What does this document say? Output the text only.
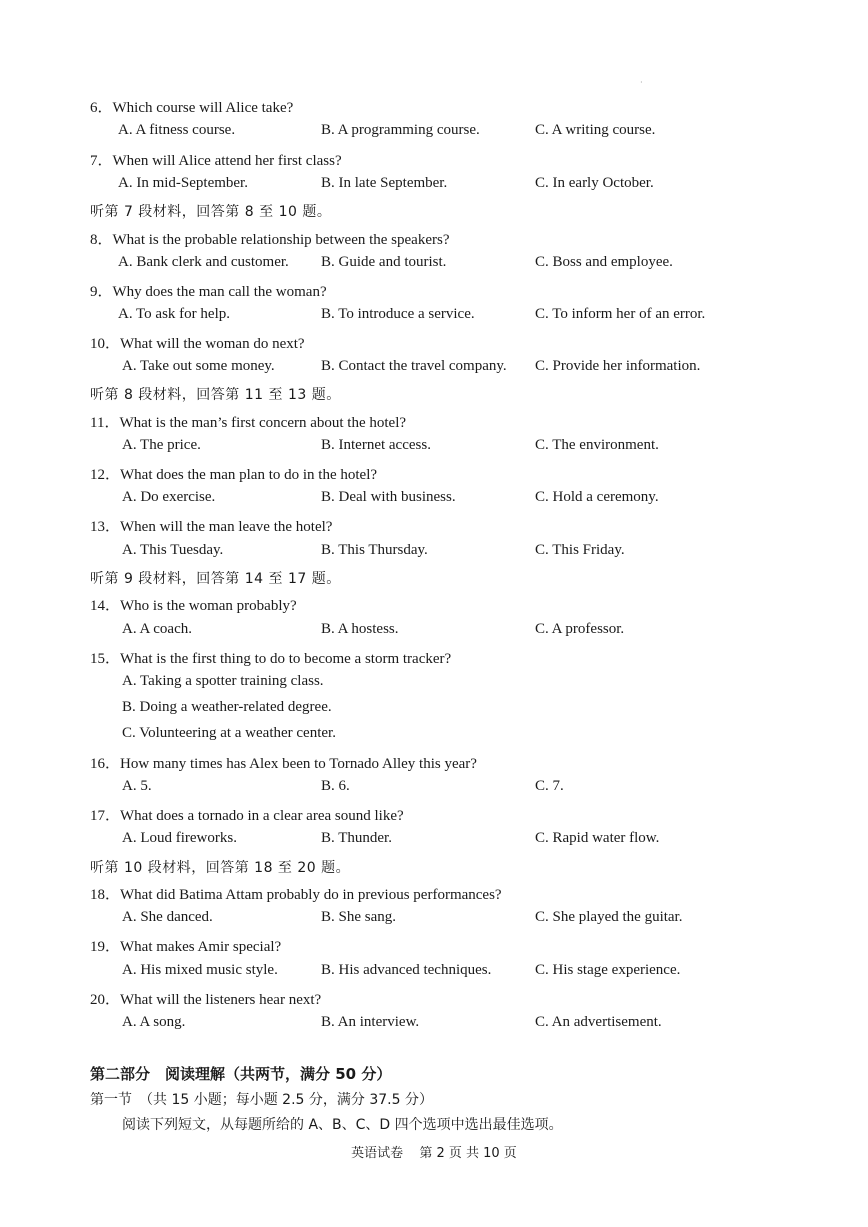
·
6．Which course will Alice take?
A. A fitness course.	B. A programming course.	C. A writing course.
7．When will Alice attend her first class?
A. In mid-September.	B. In late September.	C. In early October.
听第 7 段材料，回答第 8 至 10 题。
8．What is the probable relationship between the speakers?
A. Bank clerk and customer. B. Guide and tourist.	C. Boss and employee.
9．Why does the man call the woman?
A. To ask for help.	B. To introduce a service.	C. To inform her of an error.
10．What will the woman do next?
A. Take out some money.	B. Contact the travel company. C. Provide her information.
听第 8 段材料，回答第 11 至 13 题。
11．What is the man’s first concern about the hotel?
A. The price.	B. Internet access.	C. The environment.
12．What does the man plan to do in the hotel?
A. Do exercise.	B. Deal with business.	C. Hold a ceremony.
13．When will the man leave the hotel?
A. This Tuesday.	B. This Thursday.	C. This Friday.
听第 9 段材料，回答第 14 至 17 题。
14．Who is the woman probably?
A. A coach.	B. A hostess.	C. A professor.
15．What is the first thing to do to become a storm tracker?
A. Taking a spotter training class.
B. Doing a weather-related degree.
C. Volunteering at a weather center.
16．How many times has Alex been to Tornado Alley this year?
A. 5.	B. 6.	C. 7.
17．What does a tornado in a clear area sound like?
A. Loud fireworks.	B. Thunder.	C. Rapid water flow.
听第 10 段材料，回答第 18 至 20 题。
18．What did Batima Attam probably do in previous performances?
A. She danced.	B. She sang.	C. She played the guitar.
19．What makes Amir special?
A. His mixed music style.	B. His advanced techniques.	C. His stage experience.
20．What will the listeners hear next?
A. A song.	B. An interview.	C. An advertisement.
第二部分　阅读理解（共两节，满分 50 分）
第一节　（共 15 小题；每小题 2.5 分，满分 37.5 分）
阅读下列短文，从每题所给的 A、B、C、D 四个选项中选出最佳选项。
英语试卷 第 2 页 共 10 页
